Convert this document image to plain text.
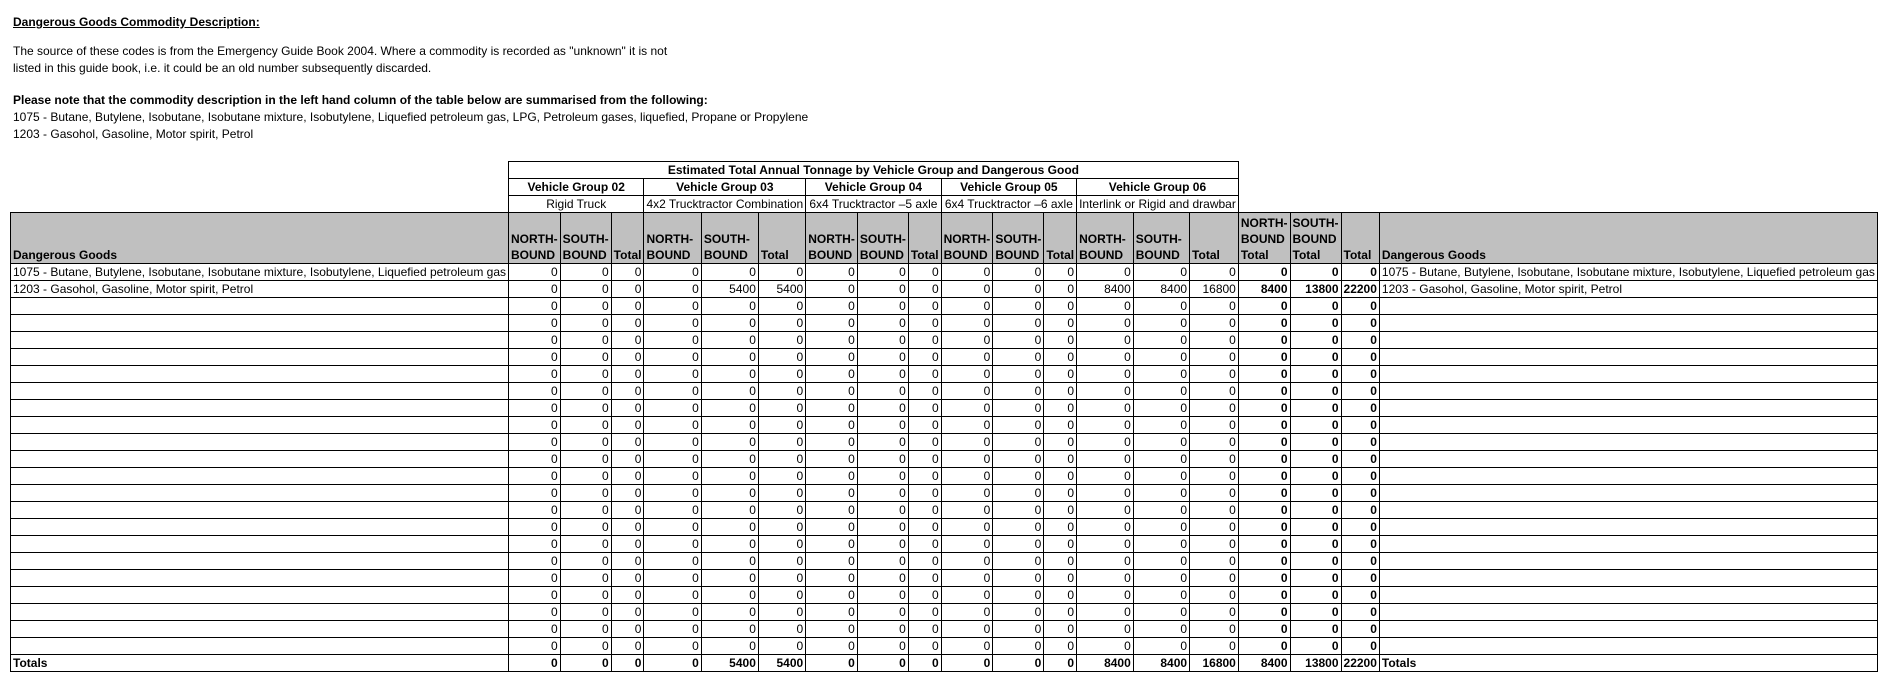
Dangerous Goods Commodity Description:

The source of these codes is from the Emergency Guide Book 2004. Where a commodity is recorded as "unknown" it is not

listed in this guide book, i.e. it could be an old number subsequently discarded.

Please note that the commodity description in the left hand column of the table below are summarised from the following:

1075 - Butane, Butylene, Isobutane, Isobutane mixture, Isobutylene, Liquefied petroleum gas, LPG, Petroleum gases, liquefied, Propane or Propylene

1203 - Gasohol, Gasoline, Motor spirit, Petrol

	Estimated Total Annual Tonnage by Vehicle Group and Dangerous Good																		
	Vehicle Group 02			Vehicle Group 03			Vehicle Group 04			Vehicle Group 05			Vehicle Group 06						
	Rigid Truck			4x2 Trucktractor Combination			6x4 Trucktractor –5 axle			6x4 Trucktractor –6 axle			Interlink or Rigid and drawbar						
Dangerous Goods	NORTH-BOUND	SOUTH-BOUND	Total	NORTH-BOUND	SOUTH-BOUND	Total	NORTH-BOUND	SOUTH-BOUND	Total	NORTH-BOUND	SOUTH-BOUND	Total	NORTH-BOUND	SOUTH-BOUND	Total	NORTH-BOUND Total	SOUTH-BOUND Total	Total	Dangerous Goods
1075 - Butane, Butylene, Isobutane, Isobutane mixture, Isobutylene, Liquefied petroleum gas	0	0	0	0	0	0	0	0	0	0	0	0	0	0	0	0	0	0	1075 - Butane, Butylene, Isobutane, Isobutane mixture, Isobutylene, Liquefied petroleum gas
1203 - Gasohol, Gasoline, Motor spirit, Petrol	0	0	0	0	5400	5400	0	0	0	0	0	0	8400	8400	16800	8400	13800	22200	1203 - Gasohol, Gasoline, Motor spirit, Petrol
	0	0	0	0	0	0	0	0	0	0	0	0	0	0	0	0	0	0	
	0	0	0	0	0	0	0	0	0	0	0	0	0	0	0	0	0	0	
	0	0	0	0	0	0	0	0	0	0	0	0	0	0	0	0	0	0	
	0	0	0	0	0	0	0	0	0	0	0	0	0	0	0	0	0	0	
	0	0	0	0	0	0	0	0	0	0	0	0	0	0	0	0	0	0	
	0	0	0	0	0	0	0	0	0	0	0	0	0	0	0	0	0	0	
	0	0	0	0	0	0	0	0	0	0	0	0	0	0	0	0	0	0	
	0	0	0	0	0	0	0	0	0	0	0	0	0	0	0	0	0	0	
	0	0	0	0	0	0	0	0	0	0	0	0	0	0	0	0	0	0	
	0	0	0	0	0	0	0	0	0	0	0	0	0	0	0	0	0	0	
	0	0	0	0	0	0	0	0	0	0	0	0	0	0	0	0	0	0	
	0	0	0	0	0	0	0	0	0	0	0	0	0	0	0	0	0	0	
	0	0	0	0	0	0	0	0	0	0	0	0	0	0	0	0	0	0	
	0	0	0	0	0	0	0	0	0	0	0	0	0	0	0	0	0	0	
	0	0	0	0	0	0	0	0	0	0	0	0	0	0	0	0	0	0	
	0	0	0	0	0	0	0	0	0	0	0	0	0	0	0	0	0	0	
	0	0	0	0	0	0	0	0	0	0	0	0	0	0	0	0	0	0	
	0	0	0	0	0	0	0	0	0	0	0	0	0	0	0	0	0	0	
	0	0	0	0	0	0	0	0	0	0	0	0	0	0	0	0	0	0	
	0	0	0	0	0	0	0	0	0	0	0	0	0	0	0	0	0	0	
	0	0	0	0	0	0	0	0	0	0	0	0	0	0	0	0	0	0	
Totals	0	0	0	0	5400	5400	0	0	0	0	0	0	8400	8400	16800	8400	13800	22200	Totals
